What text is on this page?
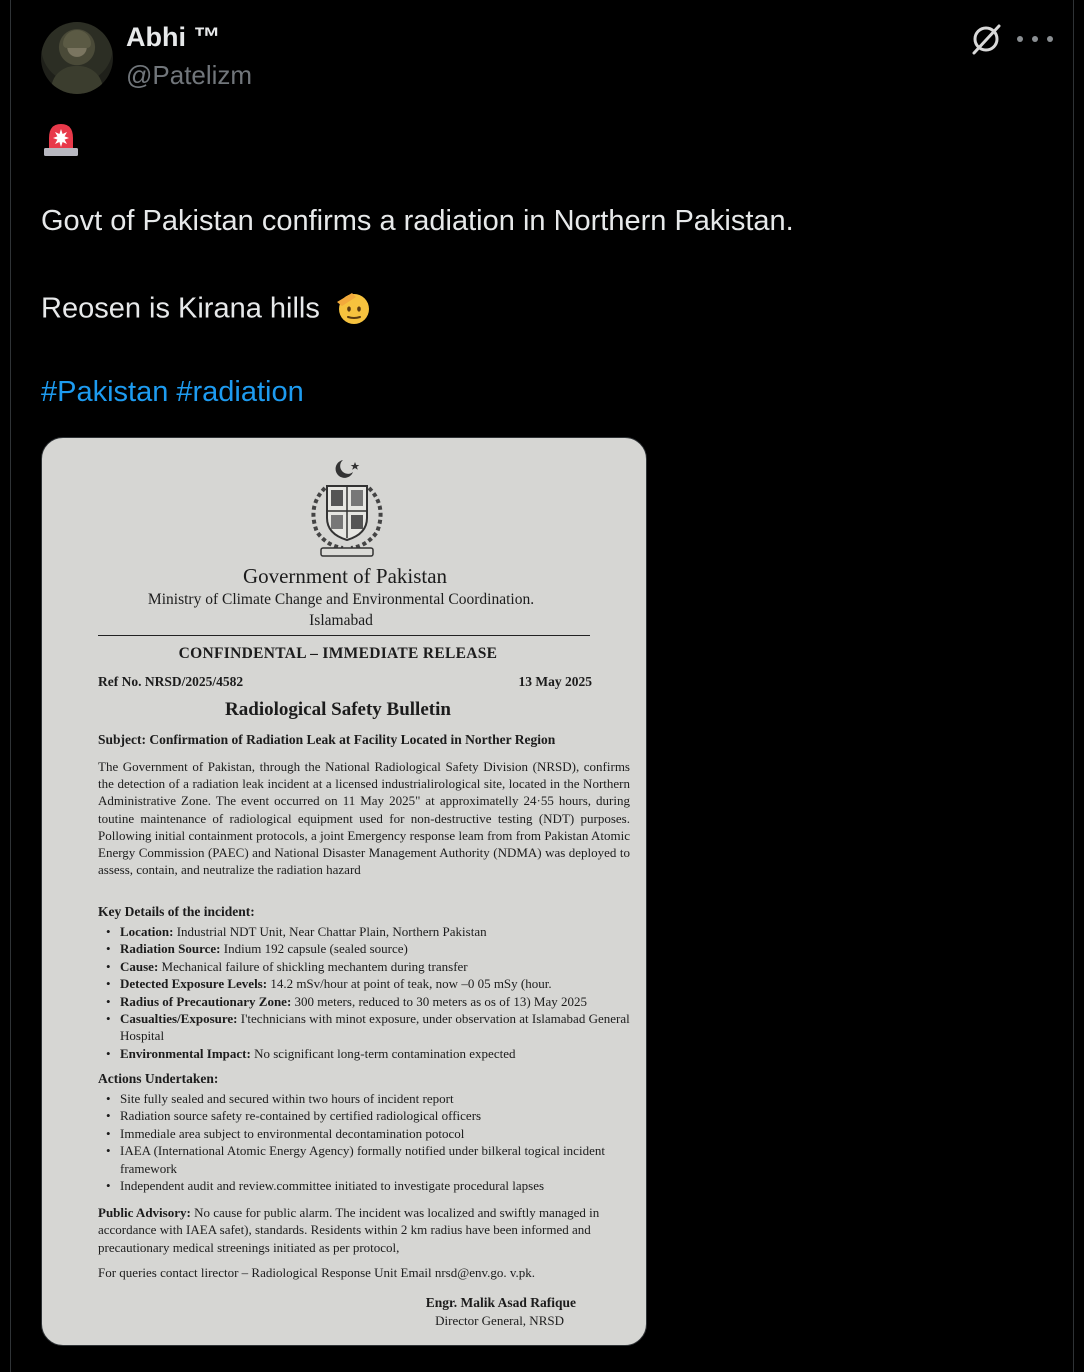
Abhi ™
@Patelizm
Govt of Pakistan confirms a radiation in Northern Pakistan.
Reosen is Kirana hills
#Pakistan #radiation
Government of Pakistan
Ministry of Climate Change and Environmental Coordination.
Islamabad
CONFINDENTAL – IMMEDIATE RELEASE
Ref No. NRSD/2025/4582	13 May 2025
Radiological Safety Bulletin
Subject: Confirmation of Radiation Leak at Facility Located in Norther Region
The Government of Pakistan, through the National Radiological Safety Division (NRSD), confirms the detection of a radiation leak incident at a licensed industrialirological site, located in the Northern Administrative Zone. The event occurred on 11 May 2025" at approximatelly 24·55 hours, during toutine maintenance of radiological equipment used for non-destructive testing (NDT) purposes. Pollowing initial containment protocols, a joint Emergency response leam from from Pakistan Atomic Energy Commission (PAEC) and National Disaster Management Authority (NDMA) was deployed to assess, contain, and neutralize the radiation hazard
Key Details of the incident:
• Location: Industrial NDT Unit, Near Chattar Plain, Northern Pakistan
• Radiation Source: Indium 192 capsule (sealed source)
• Cause: Mechanical failure of shickling mechantem during transfer
• Detected Exposure Levels: 14.2 mSv/hour at point of teak, now –0 05 mSy (hour.
• Radius of Precautionary Zone: 300 meters, reduced to 30 meters as os of 13) May 2025
• Casualties/Exposure: I'technicians with minot exposure, under observation at Islamabad General Hospital
• Environmental Impact: No scignificant long-term contamination expected
Actions Undertaken:
• Site fully sealed and secured within two hours of incident report
• Radiation source safety re-contained by certified radiological officers
• Immediale area subject to environmental decontamination potocol
• IAEA (International Atomic Energy Agency) formally notified under bilkeral togical incident framework
• Independent audit and review.committee initiated to investigate procedural lapses
Public Advisory: No cause for public alarm. The incident was localized and swiftly managed in accordance with IAEA safet), standards. Residents within 2 km radius have been informed and precautionary medical streenings initiated as per protocol,
For queries contact lirector – Radiological Response Unit Email nrsd@env.go. v.pk.
Engr. Malik Asad Rafique
Director General, NRSD
